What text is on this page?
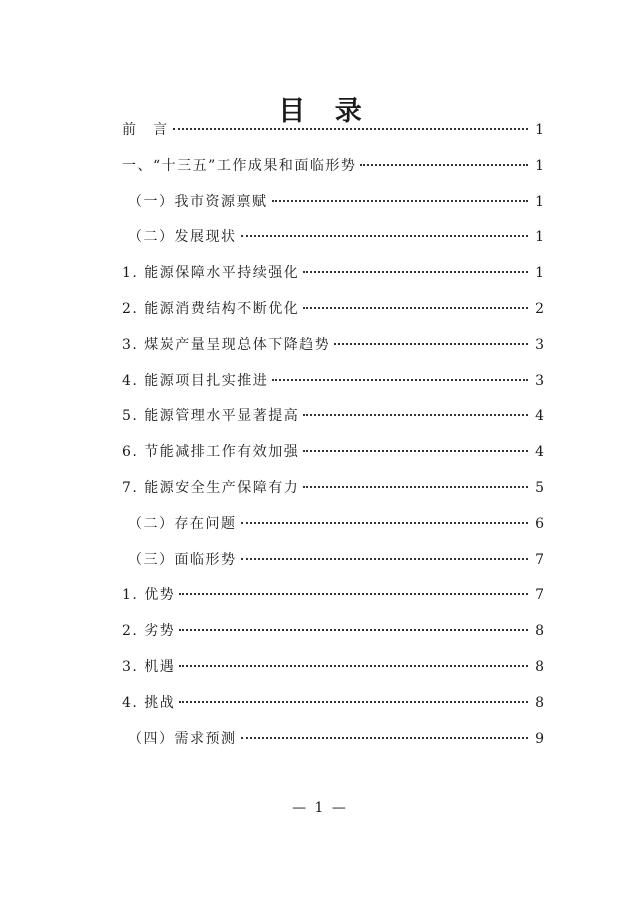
目 录
前　言	1
一、“十三五”工作成果和面临形势	1
（一）我市资源禀赋	1
（二）发展现状	1
1. 能源保障水平持续强化	1
2. 能源消费结构不断优化	2
3. 煤炭产量呈现总体下降趋势	3
4. 能源项目扎实推进	3
5. 能源管理水平显著提高	4
6. 节能减排工作有效加强	4
7. 能源安全生产保障有力	5
（二）存在问题	6
（三）面临形势	7
1. 优势	7
2. 劣势	8
3. 机遇	8
4. 挑战	8
（四）需求预测	9
— 1 —
